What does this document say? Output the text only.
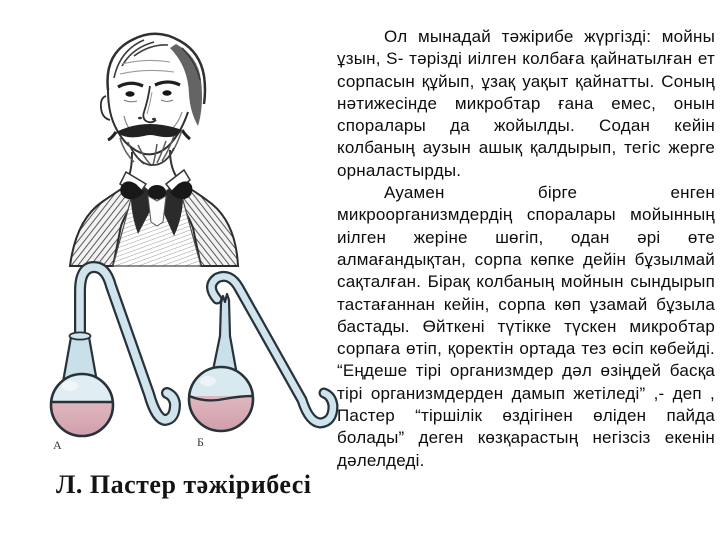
А	Б
Л. Пастер тәжірибесі

Ол мынадай тәжірибе жүргізді: мойны ұзын, S- тәрізді иілген колбаға қайнатылған ет сорпасын құйып, ұзақ уақыт қайнатты. Соның нәтижесінде микробтар ғана емес, онын споралары да жойылды. Содан кейін колбаның аузын ашық қалдырып, тегіс жерге орналастырды.

Ауамен бірге енген микроорганизмдердің споралары мойынның иілген жеріне шөгіп, одан әрі өте алмағандықтан, сорпа көпке дейін бұзылмай сақталған. Бірақ колбаның мойнын сындырып тастағаннан кейін, сорпа көп ұзамай бұзыла бастады. Өйткені түтікке түскен микробтар сорпаға өтіп, қоректін ортада тез өсіп көбейді. “Еңдеше тірі организмдер дәл өзіңдей басқа тірі организмдерден дамып жетіледі” ,- деп , Пастер “тіршілік өздігінен өліден пайда болады” деген көзқарастың негізсіз екенін дәлелдеді.
